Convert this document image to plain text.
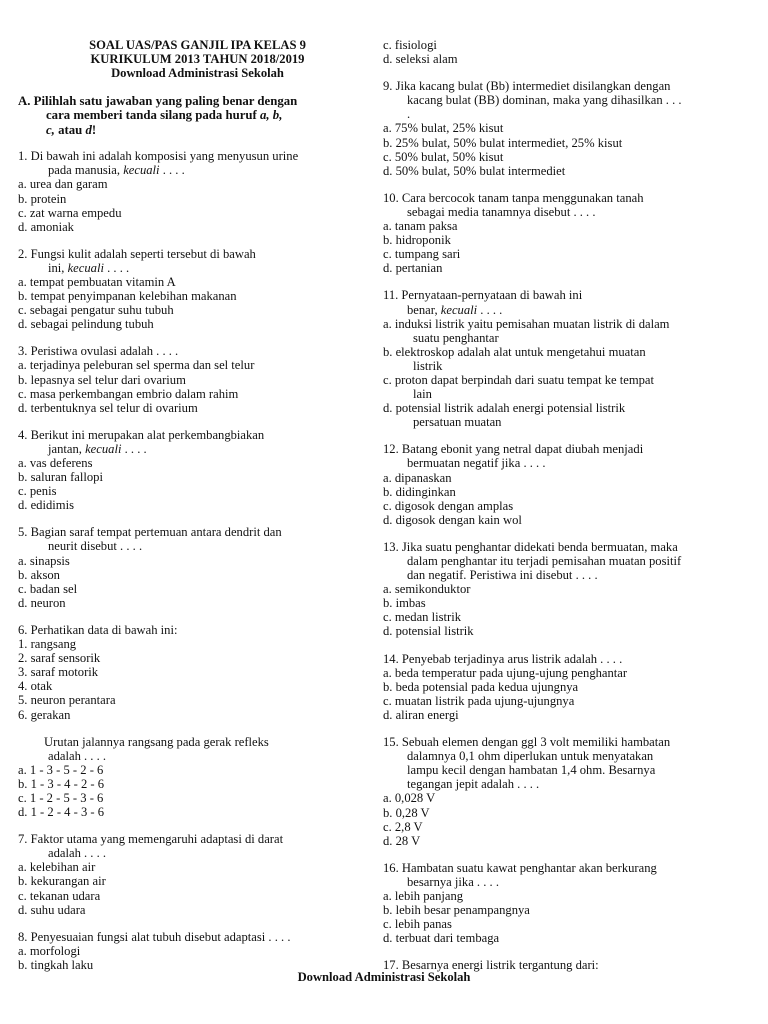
SOAL UAS/PAS GANJIL IPA KELAS 9
KURIKULUM 2013 TAHUN 2018/2019
Download Administrasi Sekolah
A. Pilihlah satu jawaban yang paling benar dengan
cara memberi tanda silang pada huruf a, b,
c, atau d!
1. Di bawah ini adalah komposisi yang menyusun urine
pada manusia, kecuali . . . .
a. urea dan garam
b. protein
c. zat warna empedu
d. amoniak
2. Fungsi kulit adalah seperti tersebut di bawah
ini, kecuali . . . .
a. tempat pembuatan vitamin A
b. tempat penyimpanan kelebihan makanan
c. sebagai pengatur suhu tubuh
d. sebagai pelindung tubuh
3. Peristiwa ovulasi adalah . . . .
a. terjadinya peleburan sel sperma dan sel telur
b. lepasnya sel telur dari ovarium
c. masa perkembangan embrio dalam rahim
d. terbentuknya sel telur di ovarium
4. Berikut ini merupakan alat perkembangbiakan
jantan, kecuali . . . .
a. vas deferens
b. saluran fallopi
c. penis
d. edidimis
5. Bagian saraf tempat pertemuan antara dendrit dan
neurit disebut . . . .
a. sinapsis
b. akson
c. badan sel
d. neuron
6. Perhatikan data di bawah ini:
1. rangsang
2. saraf sensorik
3. saraf motorik
4. otak
5. neuron perantara
6. gerakan
Urutan jalannya rangsang pada gerak refleks
adalah . . . .
a. 1 - 3 - 5 - 2 - 6
b. 1 - 3 - 4 - 2 - 6
c. 1 - 2 - 5 - 3 - 6
d. 1 - 2 - 4 - 3 - 6
7. Faktor utama yang memengaruhi adaptasi di darat
adalah . . . .
a. kelebihan air
b. kekurangan air
c. tekanan udara
d. suhu udara
8. Penyesuaian fungsi alat tubuh disebut adaptasi . . . .
a. morfologi
b. tingkah laku
c. fisiologi
d. seleksi alam
9. Jika kacang bulat (Bb) intermediet disilangkan dengan
kacang bulat (BB) dominan, maka yang dihasilkan . . .
.
a. 75% bulat, 25% kisut
b. 25% bulat, 50% bulat intermediet, 25% kisut
c. 50% bulat, 50% kisut
d. 50% bulat, 50% bulat intermediet
10. Cara bercocok tanam tanpa menggunakan tanah
sebagai media tanamnya disebut . . . .
a. tanam paksa
b. hidroponik
c. tumpang sari
d. pertanian
11. Pernyataan-pernyataan di bawah ini
benar, kecuali . . . .
a. induksi listrik yaitu pemisahan muatan listrik di dalam
suatu penghantar
b. elektroskop adalah alat untuk mengetahui muatan
listrik
c. proton dapat berpindah dari suatu tempat ke tempat
lain
d. potensial listrik adalah energi potensial listrik
persatuan muatan
12. Batang ebonit yang netral dapat diubah menjadi
bermuatan negatif jika . . . .
a. dipanaskan
b. didinginkan
c. digosok dengan amplas
d. digosok dengan kain wol
13. Jika suatu penghantar didekati benda bermuatan, maka
dalam penghantar itu terjadi pemisahan muatan positif
dan negatif. Peristiwa ini disebut . . . .
a. semikonduktor
b. imbas
c. medan listrik
d. potensial listrik
14. Penyebab terjadinya arus listrik adalah . . . .
a. beda temperatur pada ujung-ujung penghantar
b. beda potensial pada kedua ujungnya
c. muatan listrik pada ujung-ujungnya
d. aliran energi
15. Sebuah elemen dengan ggl 3 volt memiliki hambatan
dalamnya 0,1 ohm diperlukan untuk menyatakan
lampu kecil dengan hambatan 1,4 ohm. Besarnya
tegangan jepit adalah . . . .
a. 0,028 V
b. 0,28 V
c. 2,8 V
d. 28 V
16. Hambatan suatu kawat penghantar akan berkurang
besarnya jika . . . .
a. lebih panjang
b. lebih besar penampangnya
c. lebih panas
d. terbuat dari tembaga
17. Besarnya energi listrik tergantung dari:
Download Administrasi Sekolah
